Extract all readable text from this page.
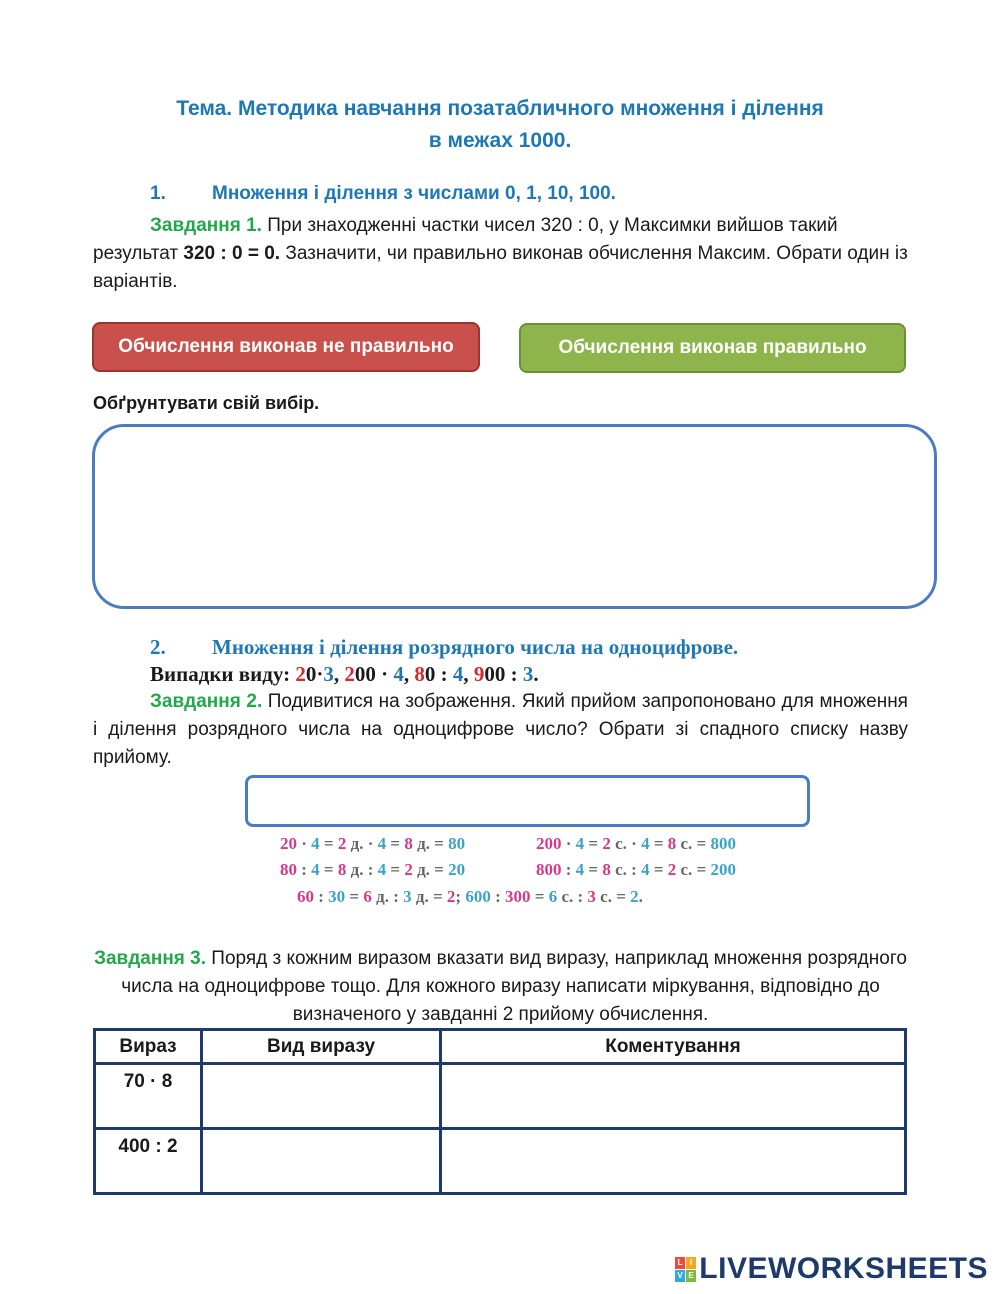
Тема. Методика навчання позатабличного множення і ділення
в межах 1000.
1. Множення і ділення з числами 0, 1, 10, 100.
Завдання 1. При знаходженні частки чисел 320 : 0, у Максимки вийшов такий результат 320 : 0 = 0. Зазначити, чи правильно виконав обчислення Максим. Обрати один із варіантів.
Обчислення виконав не правильно	Обчислення виконав правильно
Обґрунтувати свій вибір.
2. Множення і ділення розрядного числа на одноцифрове.
Випадки виду: 20·3, 200 · 4, 80 : 4, 900 : 3.
Завдання 2. Подивитися на зображення. Який прийом запропоновано для множення і ділення розрядного числа на одноцифрове число? Обрати зі спадного списку назву прийому.
20 · 4 = 2 д. · 4 = 8 д. = 80	200 · 4 = 2 с. · 4 = 8 с. = 800
80 : 4 = 8 д. : 4 = 2 д. = 20	800 : 4 = 8 с. : 4 = 2 с. = 200
60 : 30 = 6 д. : 3 д. = 2; 600 : 300 = 6 с. : 3 с. = 2.
Завдання 3. Поряд з кожним виразом вказати вид виразу, наприклад множення розрядного числа на одноцифрове тощо. Для кожного виразу написати міркування, відповідно до визначеного у завданні 2 прийому обчислення.
Вираз	Вид виразу	Коментування
70 · 8		
400 : 2		
L I
V E LIVEWORKSHEETS
